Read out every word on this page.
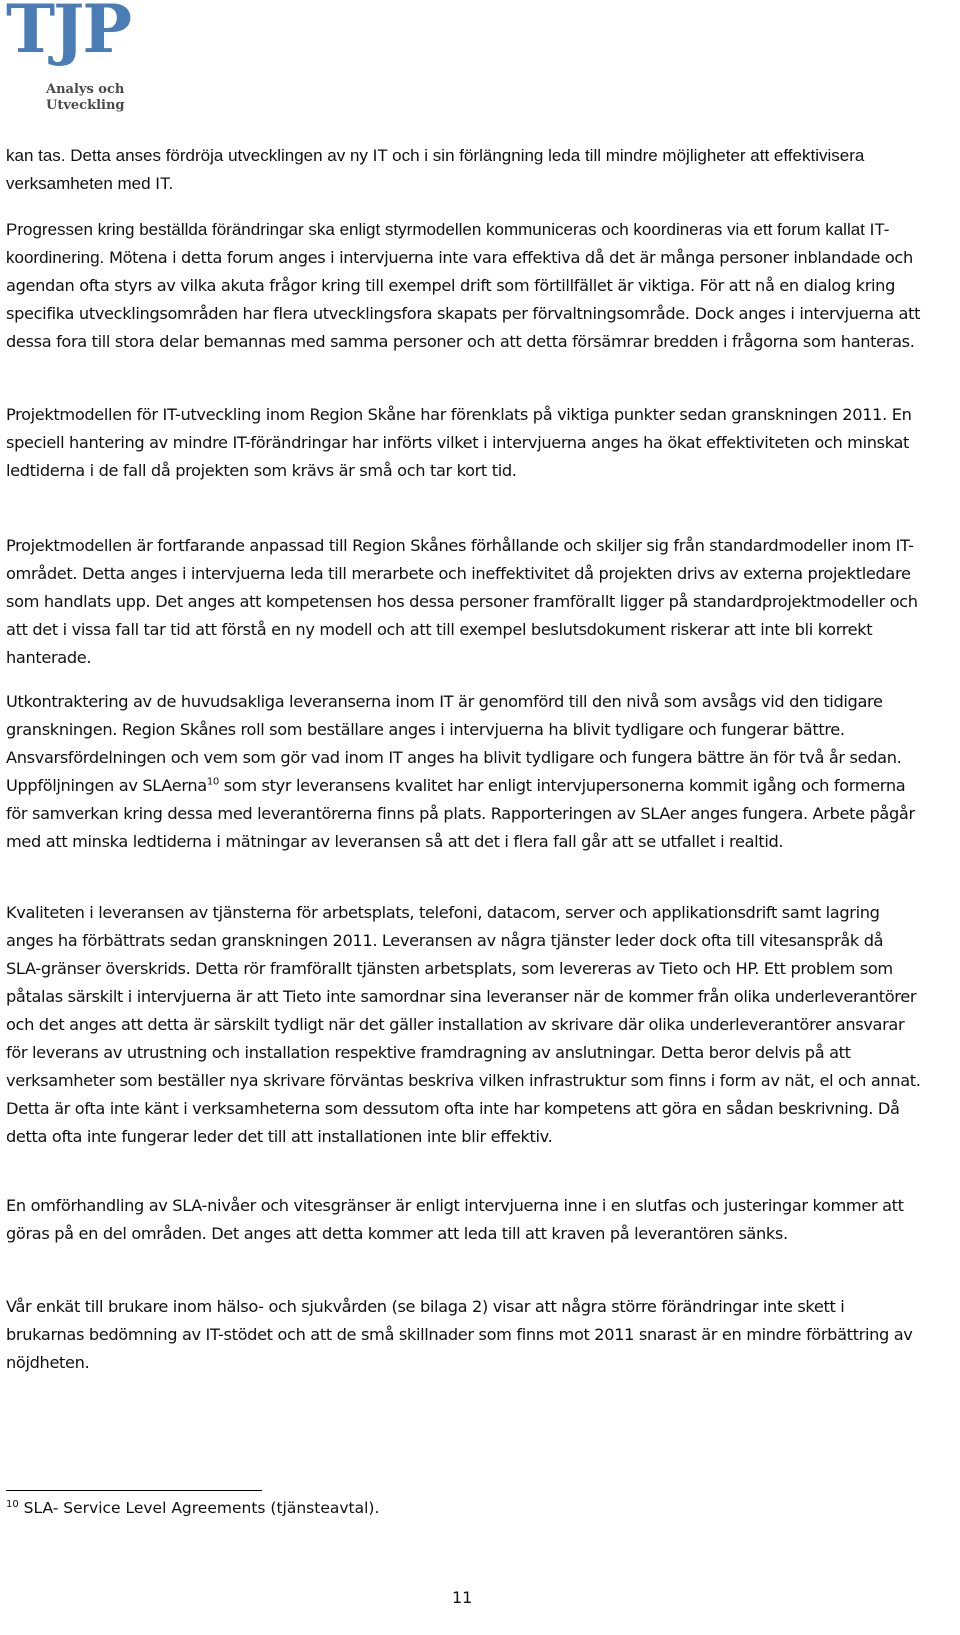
TJP
Analys och
Utveckling

kan tas. Detta anses fördröja utvecklingen av ny IT och i sin förlängning leda till mindre möjligheter att effektivisera verksamheten med IT.

Progressen kring beställda förändringar ska enligt styrmodellen kommuniceras och koordineras via ett forum kallat IT-koordinering. Mötena i detta forum anges i intervjuerna inte vara effektiva då det är många personer inblandade och agendan ofta styrs av vilka akuta frågor kring till exempel drift som förtillfället är viktiga. För att nå en dialog kring specifika utvecklingsområden har flera utvecklingsfora skapats per förvaltningsområde. Dock anges i intervjuerna att dessa fora till stora delar bemannas med samma personer och att detta försämrar bredden i frågorna som hanteras.

Projektmodellen för IT-utveckling inom Region Skåne har förenklats på viktiga punkter sedan granskningen 2011. En speciell hantering av mindre IT-förändringar har införts vilket i intervjuerna anges ha ökat effektiviteten och minskat ledtiderna i de fall då projekten som krävs är små och tar kort tid.

Projektmodellen är fortfarande anpassad till Region Skånes förhållande och skiljer sig från standardmodeller inom IT-området. Detta anges i intervjuerna leda till merarbete och ineffektivitet då projekten drivs av externa projektledare som handlats upp. Det anges att kompetensen hos dessa personer framförallt ligger på standardprojektmodeller och att det i vissa fall tar tid att förstå en ny modell och att till exempel beslutsdokument riskerar att inte bli korrekt hanterade.

Utkontraktering av de huvudsakliga leveranserna inom IT är genomförd till den nivå som avsågs vid den tidigare granskningen. Region Skånes roll som beställare anges i intervjuerna ha blivit tydligare och fungerar bättre. Ansvarsfördelningen och vem som gör vad inom IT anges ha blivit tydligare och fungera bättre än för två år sedan. Uppföljningen av SLAerna$^{10}$ som styr leveransens kvalitet har enligt intervjupersonerna kommit igång och formerna för samverkan kring dessa med leverantörerna finns på plats. Rapporteringen av SLAer anges fungera. Arbete pågår med att minska ledtiderna i mätningar av leveransen så att det i flera fall går att se utfallet i realtid.

Kvaliteten i leveransen av tjänsterna för arbetsplats, telefoni, datacom, server och applikationsdrift samt lagring anges ha förbättrats sedan granskningen 2011. Leveransen av några tjänster leder dock ofta till vitesanspråk då SLA-gränser överskrids. Detta rör framförallt tjänsten arbetsplats, som levereras av Tieto och HP. Ett problem som påtalas särskilt i intervjuerna är att Tieto inte samordnar sina leveranser när de kommer från olika underleverantörer och det anges att detta är särskilt tydligt när det gäller installation av skrivare där olika underleverantörer ansvarar för leverans av utrustning och installation respektive framdragning av anslutningar. Detta beror delvis på att verksamheter som beställer nya skrivare förväntas beskriva vilken infrastruktur som finns i form av nät, el och annat. Detta är ofta inte känt i verksamheterna som dessutom ofta inte har kompetens att göra en sådan beskrivning. Då detta ofta inte fungerar leder det till att installationen inte blir effektiv.

En omförhandling av SLA-nivåer och vitesgränser är enligt intervjuerna inne i en slutfas och justeringar kommer att göras på en del områden. Det anges att detta kommer att leda till att kraven på leverantören sänks.

Vår enkät till brukare inom hälso- och sjukvården (se bilaga 2) visar att några större förändringar inte skett i brukarnas bedömning av IT-stödet och att de små skillnader som finns mot 2011 snarast är en mindre förbättring av nöjdheten.

$^{10}$ SLA- Service Level Agreements (tjänsteavtal).
11
